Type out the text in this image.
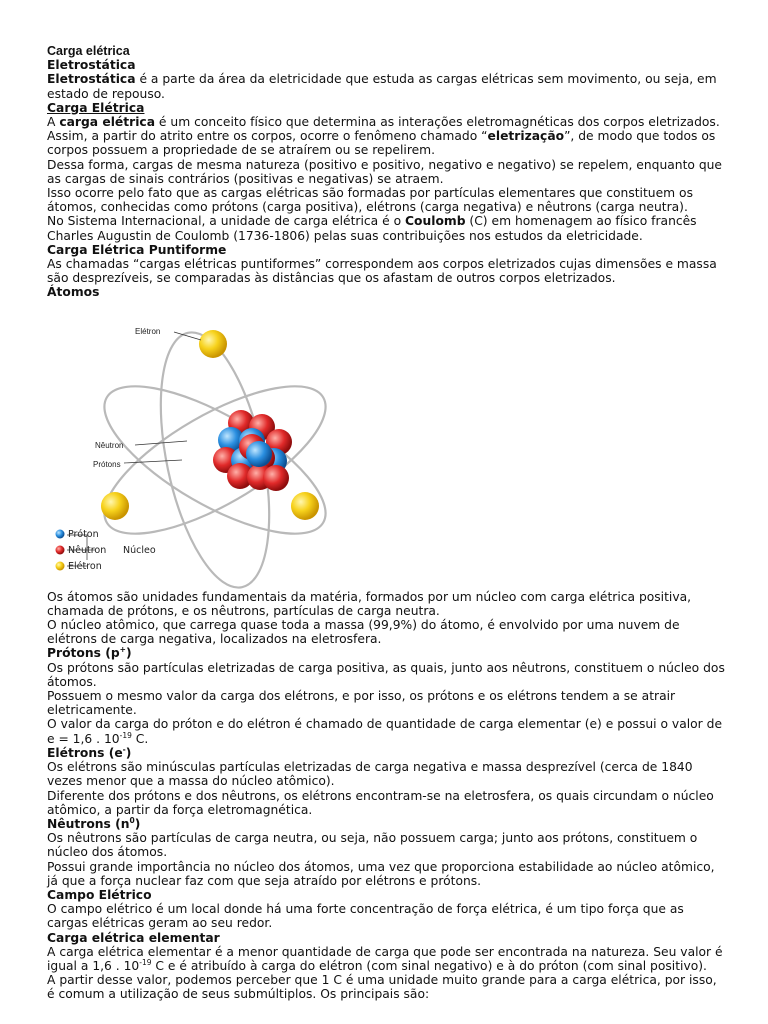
Carga elétrica

Eletrostática

Eletrostática é a parte da área da eletricidade que estuda as cargas elétricas sem movimento, ou seja, em estado de repouso.

Carga Elétrica

A carga elétrica é um conceito físico que determina as interações eletromagnéticas dos corpos eletrizados.

Assim, a partir do atrito entre os corpos, ocorre o fenômeno chamado “eletrização”, de modo que todos os corpos possuem a propriedade de se atraírem ou se repelirem.

Dessa forma, cargas de mesma natureza (positivo e positivo, negativo e negativo) se repelem, enquanto que as cargas de sinais contrários (positivas e negativas) se atraem.

Isso ocorre pelo fato que as cargas elétricas são formadas por partículas elementares que constituem os átomos, conhecidas como prótons (carga positiva), elétrons (carga negativa) e nêutrons (carga neutra).

No Sistema Internacional, a unidade de carga elétrica é o Coulomb (C) em homenagem ao físico francês Charles Augustin de Coulomb (1736-1806) pelas suas contribuições nos estudos da eletricidade.

Carga Elétrica Puntiforme

As chamadas “cargas elétricas puntiformes” correspondem aos corpos eletrizados cujas dimensões e massa são desprezíveis, se comparadas às distâncias que os afastam de outros corpos eletrizados.

Átomos

Elétron
Nêutron
Prótons
Próton
Nêutron
Elétron
Núcleo

Os átomos são unidades fundamentais da matéria, formados por um núcleo com carga elétrica positiva, chamada de prótons, e os nêutrons, partículas de carga neutra.

O núcleo atômico, que carrega quase toda a massa (99,9%) do átomo, é envolvido por uma nuvem de elétrons de carga negativa, localizados na eletrosfera.

Prótons (p+)

Os prótons são partículas eletrizadas de carga positiva, as quais, junto aos nêutrons, constituem o núcleo dos átomos.

Possuem o mesmo valor da carga dos elétrons, e por isso, os prótons e os elétrons tendem a se atrair eletricamente.

O valor da carga do próton e do elétron é chamado de quantidade de carga elementar (e) e possui o valor de e = 1,6 . $10^{-19}$ C.

Elétrons (e-)

Os elétrons são minúsculas partículas eletrizadas de carga negativa e massa desprezível (cerca de 1840 vezes menor que a massa do núcleo atômico).

Diferente dos prótons e dos nêutrons, os elétrons encontram-se na eletrosfera, os quais circundam o núcleo atômico, a partir da força eletromagnética.

Nêutrons $(n^0)$

Os nêutrons são partículas de carga neutra, ou seja, não possuem carga; junto aos prótons, constituem o núcleo dos átomos.

Possui grande importância no núcleo dos átomos, uma vez que proporciona estabilidade ao núcleo atômico, já que a força nuclear faz com que seja atraído por elétrons e prótons.

Campo Elétrico

O campo elétrico é um local donde há uma forte concentração de força elétrica, é um tipo força que as cargas elétricas geram ao seu redor.

Carga elétrica elementar

A carga elétrica elementar é a menor quantidade de carga que pode ser encontrada na natureza. Seu valor é igual a 1,6 . $10^{-19}$ C e é atribuído à carga do elétron (com sinal negativo) e à do próton (com sinal positivo).

A partir desse valor, podemos perceber que 1 C é uma unidade muito grande para a carga elétrica, por isso, é comum a utilização de seus submúltiplos. Os principais são:
